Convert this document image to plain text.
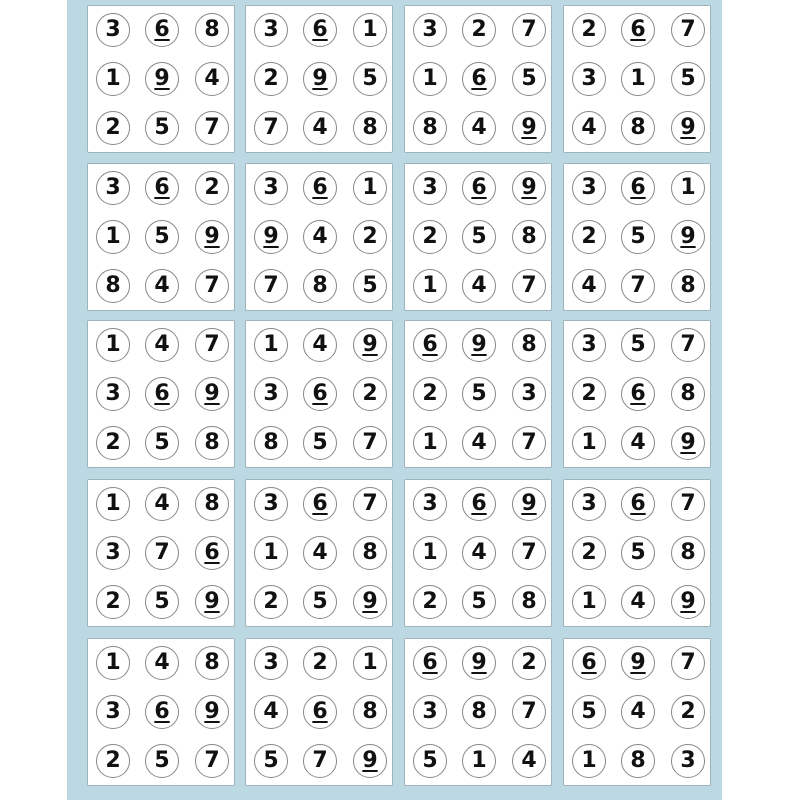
3 6 8
1 9 4
2 5 7
3 6 1
2 9 5
7 4 8
3 2 7
1 6 5
8 4 9
2 6 7
3 1 5
4 8 9
3 6 2
1 5 9
8 4 7
3 6 1
9 4 2
7 8 5
3 6 9
2 5 8
1 4 7
3 6 1
2 5 9
4 7 8
1 4 7
3 6 9
2 5 8
1 4 9
3 6 2
8 5 7
6 9 8
2 5 3
1 4 7
3 5 7
2 6 8
1 4 9
1 4 8
3 7 6
2 5 9
3 6 7
1 4 8
2 5 9
3 6 9
1 4 7
2 5 8
3 6 7
2 5 8
1 4 9
1 4 8
3 6 9
2 5 7
3 2 1
4 6 8
5 7 9
6 9 2
3 8 7
5 1 4
6 9 7
5 4 2
1 8 3
